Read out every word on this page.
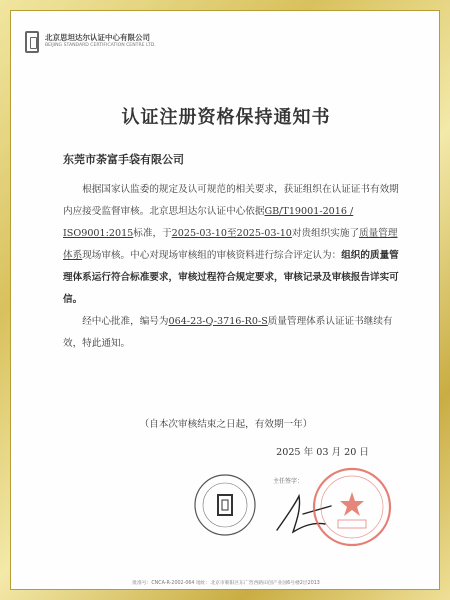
北京思坦达尔认证中心有限公司
BEIJING STANDARD CERTIFICATION CENTRE LTD.
认证注册资格保持通知书
东莞市荼富手袋有限公司

根据国家认监委的规定及认可规范的相关要求，获证组织在认证证书有效期内应接受监督审核。北京思坦达尔认证中心依据GB/T19001-2016 / ISO9001:2015标准，于2025-03-10至2025-03-10对贵组织实施了质量管理体系现场审核。中心对现场审核组的审核资料进行综合评定认为：组织的质量管理体系运行符合标准要求，审核过程符合规定要求，审核记录及审核报告详实可信。

经中心批准，编号为064-23-Q-3716-R0-S质量管理体系认证证书继续有效，特此通知。

（自本次审核结束之日起，有效期一年）
2025 年 03 月 20 日
主任签字：
批准号：CNCA-R-2002-064 地址：北京市朝阳区东广营西路田创产业园6号楼2层2013
